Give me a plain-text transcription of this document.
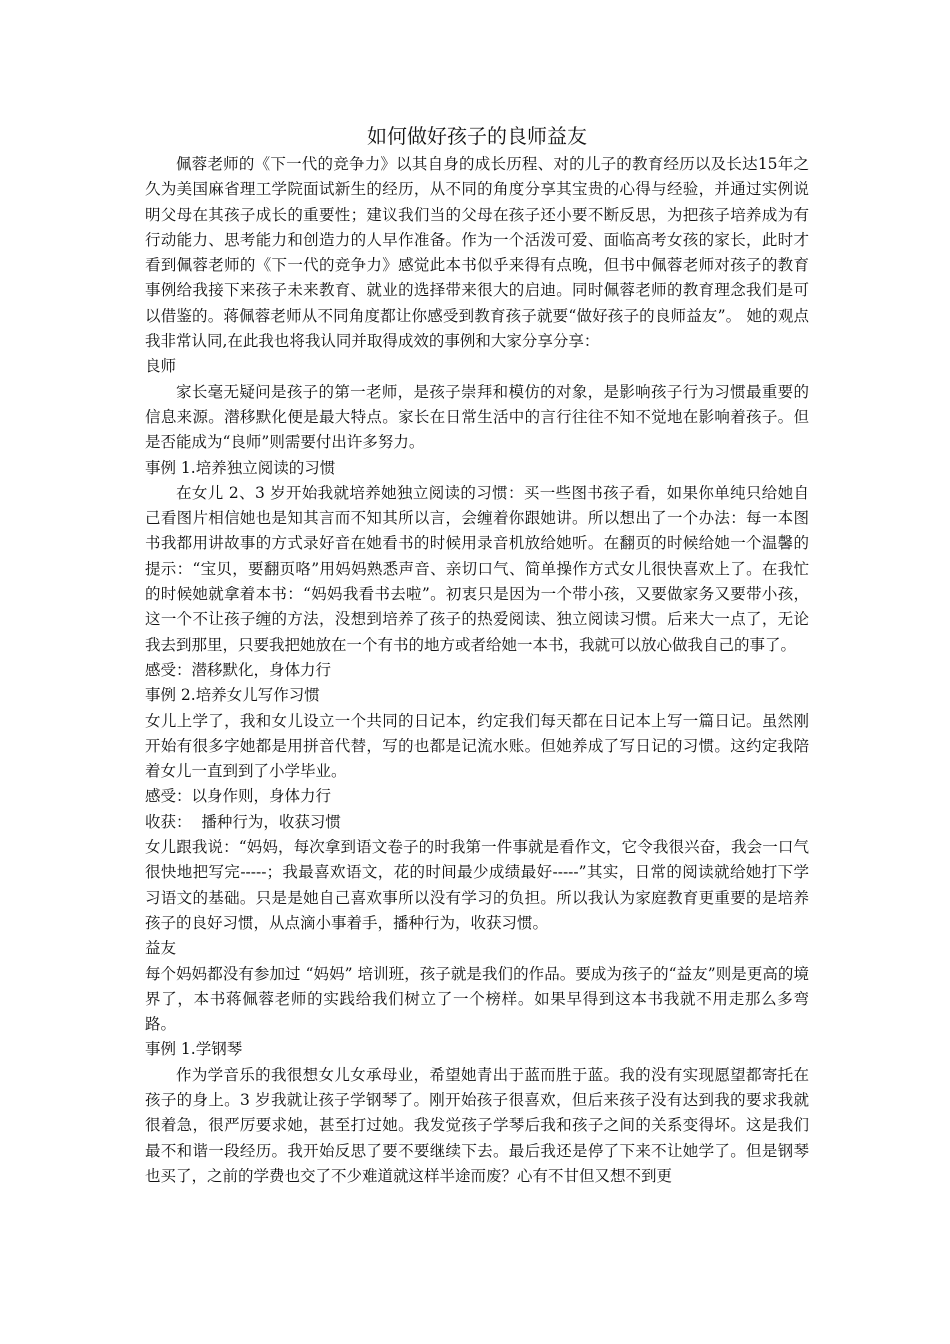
如何做好孩子的良师益友

佩蓉老师的《下一代的竞争力》以其自身的成长历程、对的儿子的教育经历以及长达15年之久为美国麻省理工学院面试新生的经历，从不同的角度分享其宝贵的心得与经验，并通过实例说明父母在其孩子成长的重要性；建议我们当的父母在孩子还小要不断反思，为把孩子培养成为有行动能力、思考能力和创造力的人早作准备。作为一个活泼可爱、面临高考女孩的家长，此时才看到佩蓉老师的《下一代的竞争力》感觉此本书似乎来得有点晚，但书中佩蓉老师对孩子的教育事例给我接下来孩子未来教育、就业的选择带来很大的启迪。同时佩蓉老师的教育理念我们是可以借鉴的。蒋佩蓉老师从不同角度都让你感受到教育孩子就要“做好孩子的良师益友”。 她的观点我非常认同,在此我也将我认同并取得成效的事例和大家分享分享：

良师

家长毫无疑问是孩子的第一老师，是孩子崇拜和模仿的对象，是影响孩子行为习惯最重要的信息来源。潜移默化便是最大特点。家长在日常生活中的言行往往不知不觉地在影响着孩子。但是否能成为“良师”则需要付出许多努力。

事例 1.培养独立阅读的习惯

在女儿 2、3 岁开始我就培养她独立阅读的习惯：买一些图书孩子看，如果你单纯只给她自己看图片相信她也是知其言而不知其所以言，会缠着你跟她讲。所以想出了一个办法：每一本图书我都用讲故事的方式录好音在她看书的时候用录音机放给她听。在翻页的时候给她一个温馨的提示：“宝贝，要翻页咯”用妈妈熟悉声音、亲切口气、简单操作方式女儿很快喜欢上了。在我忙的时候她就拿着本书：“妈妈我看书去啦”。初衷只是因为一个带小孩，又要做家务又要带小孩，这一个不让孩子缠的方法，没想到培养了孩子的热爱阅读、独立阅读习惯。后来大一点了，无论我去到那里，只要我把她放在一个有书的地方或者给她一本书，我就可以放心做我自己的事了。

感受：潜移默化，身体力行

事例 2.培养女儿写作习惯

女儿上学了，我和女儿设立一个共同的日记本，约定我们每天都在日记本上写一篇日记。虽然刚开始有很多字她都是用拼音代替，写的也都是记流水账。但她养成了写日记的习惯。这约定我陪着女儿一直到到了小学毕业。

感受：以身作则，身体力行

收获：  播种行为，收获习惯

女儿跟我说：“妈妈，每次拿到语文卷子的时我第一件事就是看作文，它令我很兴奋，我会一口气很快地把写完-----；我最喜欢语文，花的时间最少成绩最好-----”其实，日常的阅读就给她打下学习语文的基础。只是是她自己喜欢事所以没有学习的负担。所以我认为家庭教育更重要的是培养孩子的良好习惯，从点滴小事着手，播种行为，收获习惯。

益友

每个妈妈都没有参加过 “妈妈” 培训班，孩子就是我们的作品。要成为孩子的“益友”则是更高的境界了，本书蒋佩蓉老师的实践给我们树立了一个榜样。如果早得到这本书我就不用走那么多弯路。

事例 1.学钢琴

作为学音乐的我很想女儿女承母业，希望她青出于蓝而胜于蓝。我的没有实现愿望都寄托在孩子的身上。3 岁我就让孩子学钢琴了。刚开始孩子很喜欢，但后来孩子没有达到我的要求我就很着急，很严厉要求她，甚至打过她。我发觉孩子学琴后我和孩子之间的关系变得坏。这是我们最不和谐一段经历。我开始反思了要不要继续下去。最后我还是停了下来不让她学了。但是钢琴也买了，之前的学费也交了不少难道就这样半途而废？心有不甘但又想不到更
